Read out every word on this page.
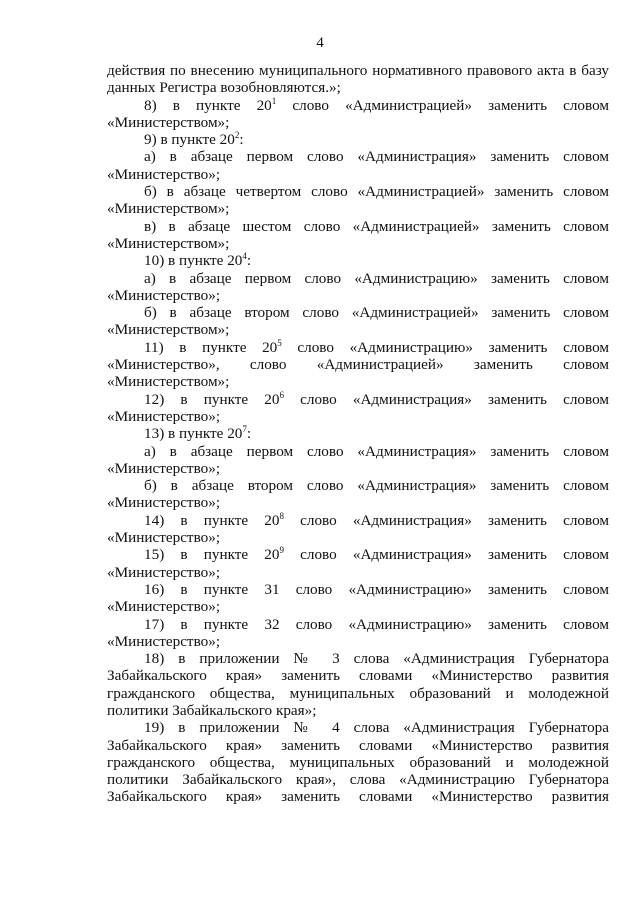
4

действия по внесению муниципального нормативного правового акта в базу данных Регистра возобновляются.»;

8) в пункте $20^1$ слово «Администрацией» заменить словом «Министерством»;

9) в пункте $20^2$:

а) в абзаце первом слово «Администрация» заменить словом «Министерство»;

б) в абзаце четвертом слово «Администрацией» заменить словом «Министерством»;

в) в абзаце шестом слово «Администрацией» заменить словом «Министерством»;

10) в пункте $20^4$:

а) в абзаце первом слово «Администрацию» заменить словом «Министерство»;

б) в абзаце втором слово «Администрацией» заменить словом «Министерством»;

11) в пункте $20^5$ слово «Администрацию» заменить словом «Министерство», слово «Администрацией» заменить словом «Министерством»;

12) в пункте $20^6$ слово «Администрация» заменить словом «Министерство»;

13) в пункте $20^7$:

а) в абзаце первом слово «Администрация» заменить словом «Министерство»;

б) в абзаце втором слово «Администрация» заменить словом «Министерство»;

14) в пункте $20^8$ слово «Администрация» заменить словом «Министерство»;

15) в пункте $20^9$ слово «Администрация» заменить словом «Министерство»;

16) в пункте 31 слово «Администрацию» заменить словом «Министерство»;

17) в пункте 32 слово «Администрацию» заменить словом «Министерство»;

18) в приложении № 3 слова «Администрация Губернатора Забайкальского края» заменить словами «Министерство развития гражданского общества, муниципальных образований и молодежной политики Забайкальского края»;

19) в приложении № 4 слова «Администрация Губернатора Забайкальского края» заменить словами «Министерство развития гражданского общества, муниципальных образований и молодежной политики Забайкальского края», слова «Администрацию Губернатора Забайкальского края» заменить словами «Министерство развития
